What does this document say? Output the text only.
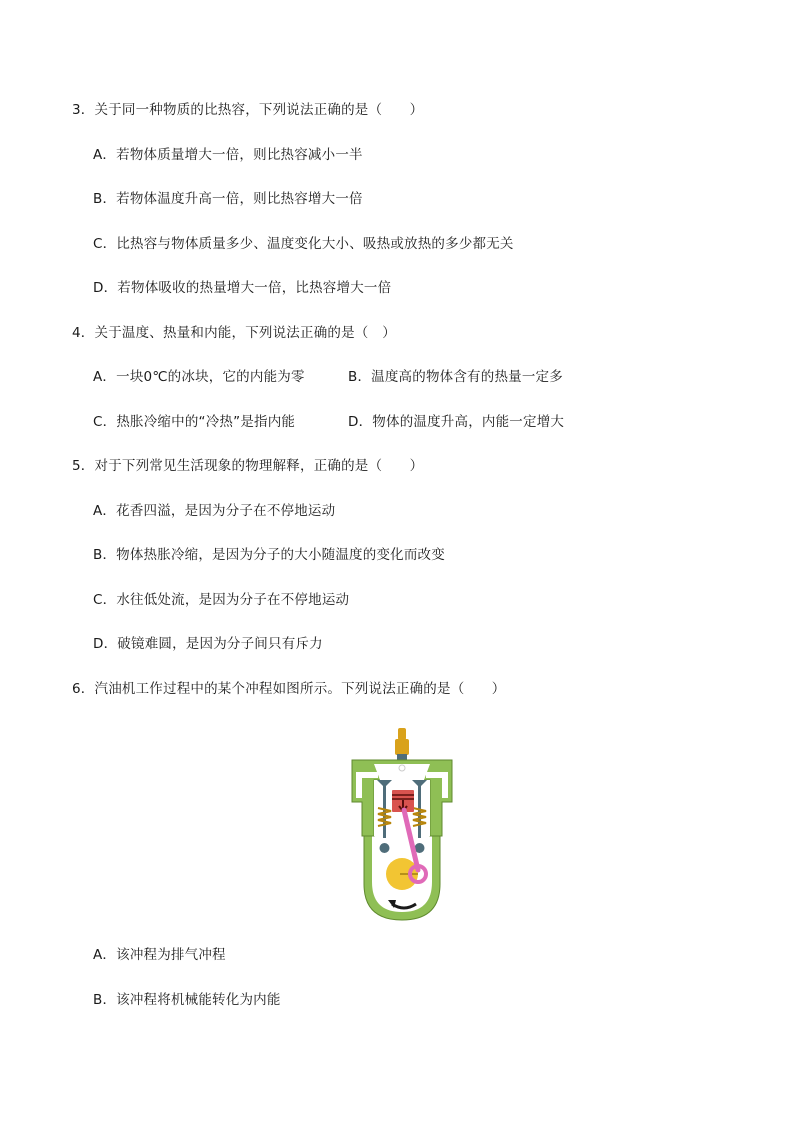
3．关于同一种物质的比热容，下列说法正确的是（　　）
A．若物体质量增大一倍，则比热容减小一半
B．若物体温度升高一倍，则比热容增大一倍
C．比热容与物体质量多少、温度变化大小、吸热或放热的多少都无关
D．若物体吸收的热量增大一倍，比热容增大一倍
4．关于温度、热量和内能，下列说法正确的是（　）
A．一块0℃的冰块，它的内能为零	B．温度高的物体含有的热量一定多
C．热胀冷缩中的“冷热”是指内能	D．物体的温度升高，内能一定增大
5．对于下列常见生活现象的物理解释，正确的是（　　）
A．花香四溢，是因为分子在不停地运动
B．物体热胀冷缩，是因为分子的大小随温度的变化而改变
C．水往低处流，是因为分子在不停地运动
D．破镜难圆，是因为分子间只有斥力
6．汽油机工作过程中的某个冲程如图所示。下列说法正确的是（　　）
A．该冲程为排气冲程
B．该冲程将机械能转化为内能
